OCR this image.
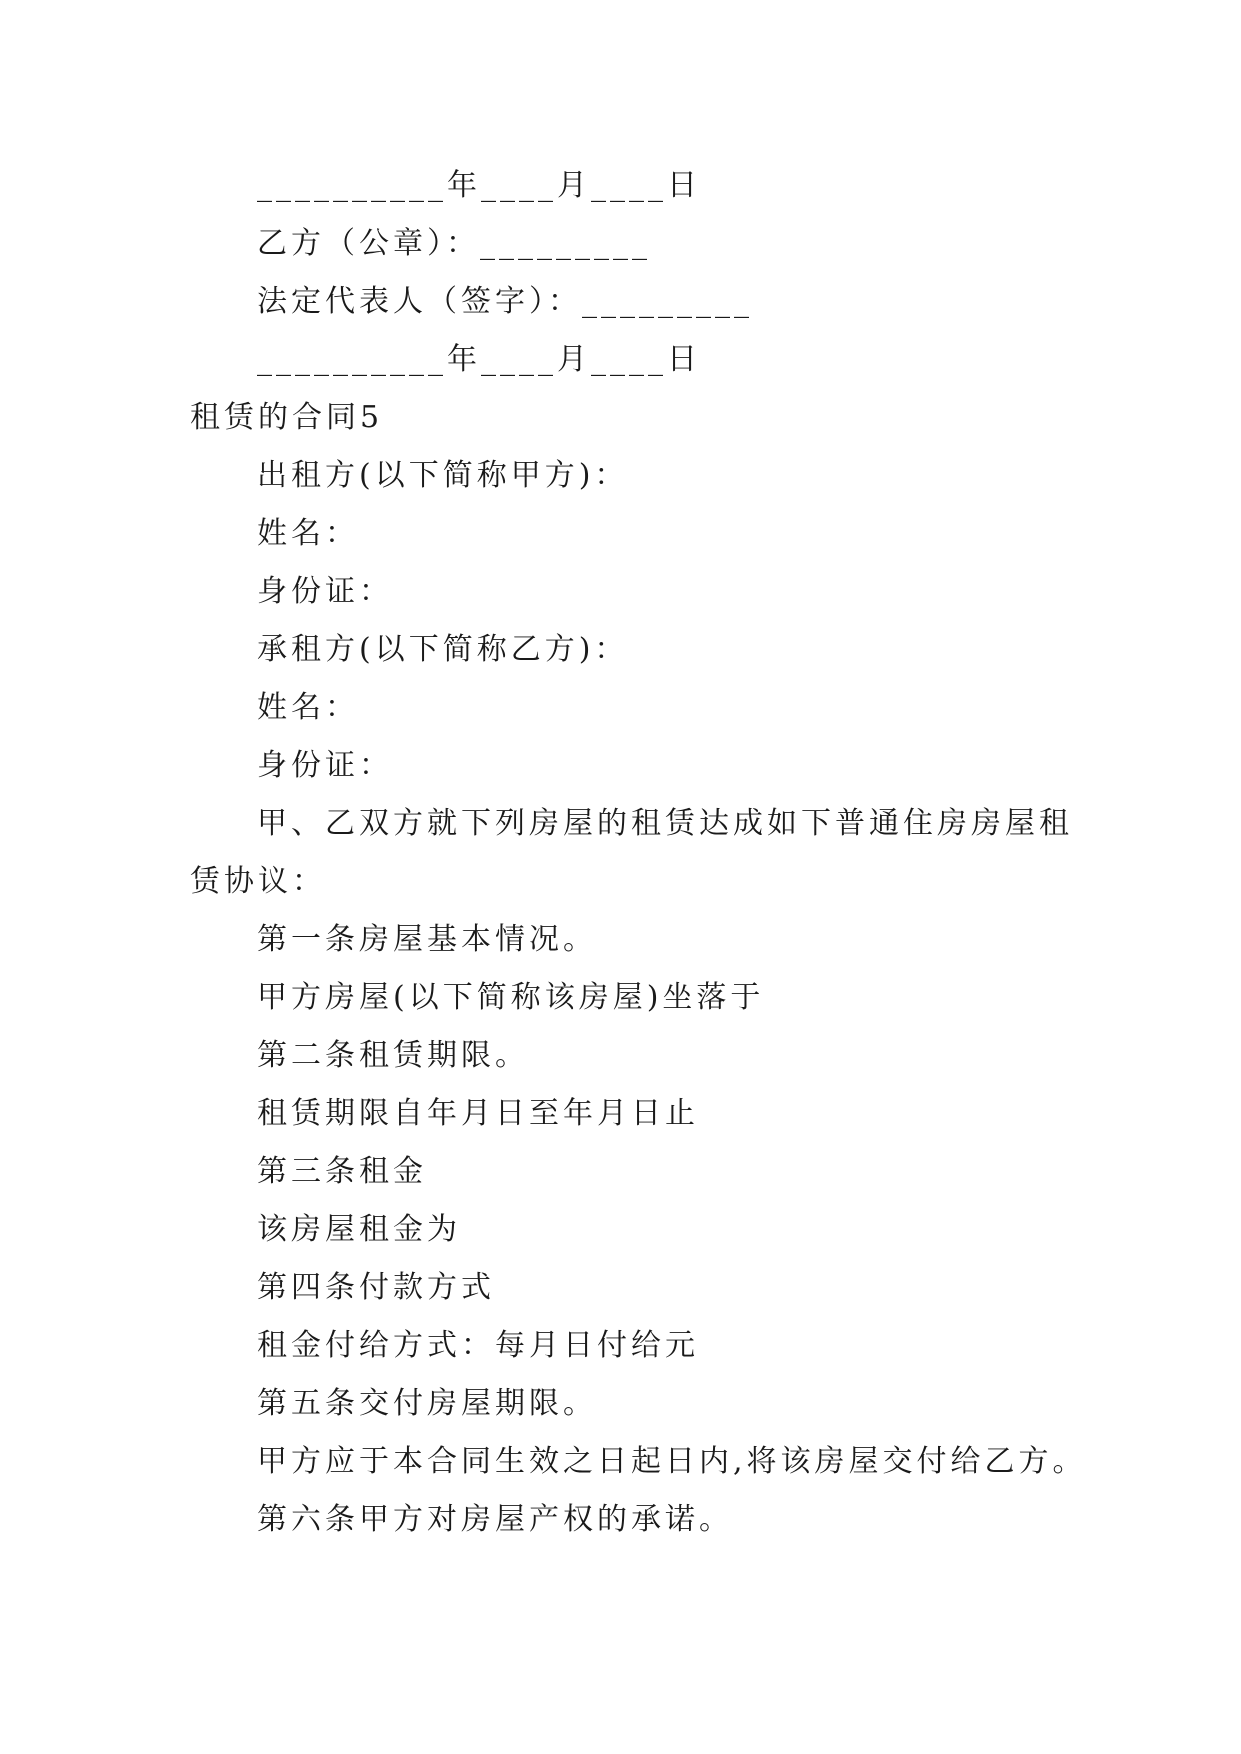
__________年____月____日
乙方（公章）：_________
法定代表人（签字）：_________
__________年____月____日
租赁的合同5
出租方(以下简称甲方)：
姓名：
身份证：
承租方(以下简称乙方)：
姓名：
身份证：
甲、乙双方就下列房屋的租赁达成如下普通住房房屋租
赁协议：
第一条房屋基本情况。
甲方房屋(以下简称该房屋)坐落于
第二条租赁期限。
租赁期限自年月日至年月日止
第三条租金
该房屋租金为
第四条付款方式
租金付给方式：每月日付给元
第五条交付房屋期限。
甲方应于本合同生效之日起日内,将该房屋交付给乙方。
第六条甲方对房屋产权的承诺。
